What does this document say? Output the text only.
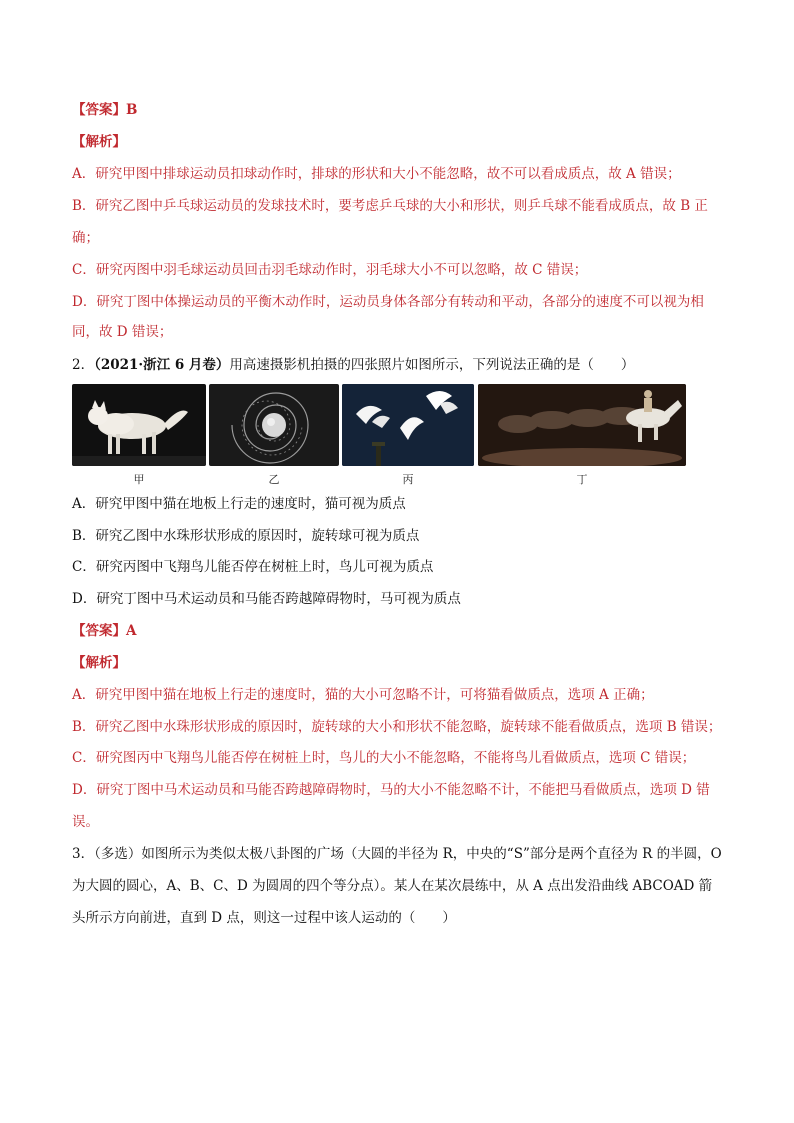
【答案】B
【解析】
A．研究甲图中排球运动员扣球动作时，排球的形状和大小不能忽略，故不可以看成质点，故 A 错误；
B．研究乙图中乒乓球运动员的发球技术时，要考虑乒乓球的大小和形状，则乒乓球不能看成质点，故 B 正
确；
C．研究丙图中羽毛球运动员回击羽毛球动作时，羽毛球大小不可以忽略，故 C 错误；
D．研究丁图中体操运动员的平衡木动作时，运动员身体各部分有转动和平动，各部分的速度不可以视为相
同，故 D 错误；
2．（2021·浙江 6 月卷）用高速摄影机拍摄的四张照片如图所示，下列说法正确的是（　　）
甲	乙	丙	丁
A．研究甲图中猫在地板上行走的速度时，猫可视为质点
B．研究乙图中水珠形状形成的原因时，旋转球可视为质点
C．研究丙图中飞翔鸟儿能否停在树桩上时，鸟儿可视为质点
D．研究丁图中马术运动员和马能否跨越障碍物时，马可视为质点
【答案】A
【解析】
A．研究甲图中猫在地板上行走的速度时，猫的大小可忽略不计，可将猫看做质点，选项 A 正确；
B．研究乙图中水珠形状形成的原因时，旋转球的大小和形状不能忽略，旋转球不能看做质点，选项 B 错误；
C．研究图丙中飞翔鸟儿能否停在树桩上时，鸟儿的大小不能忽略，不能将鸟儿看做质点，选项 C 错误；
D．研究丁图中马术运动员和马能否跨越障碍物时，马的大小不能忽略不计，不能把马看做质点，选项 D 错
误。
3．（多选）如图所示为类似太极八卦图的广场（大圆的半径为 R，中央的“S”部分是两个直径为 R 的半圆，O
为大圆的圆心，A、B、C、D 为圆周的四个等分点）。某人在某次晨练中，从 A 点出发沿曲线 ABCOAD 箭
头所示方向前进，直到 D 点，则这一过程中该人运动的（　　）
